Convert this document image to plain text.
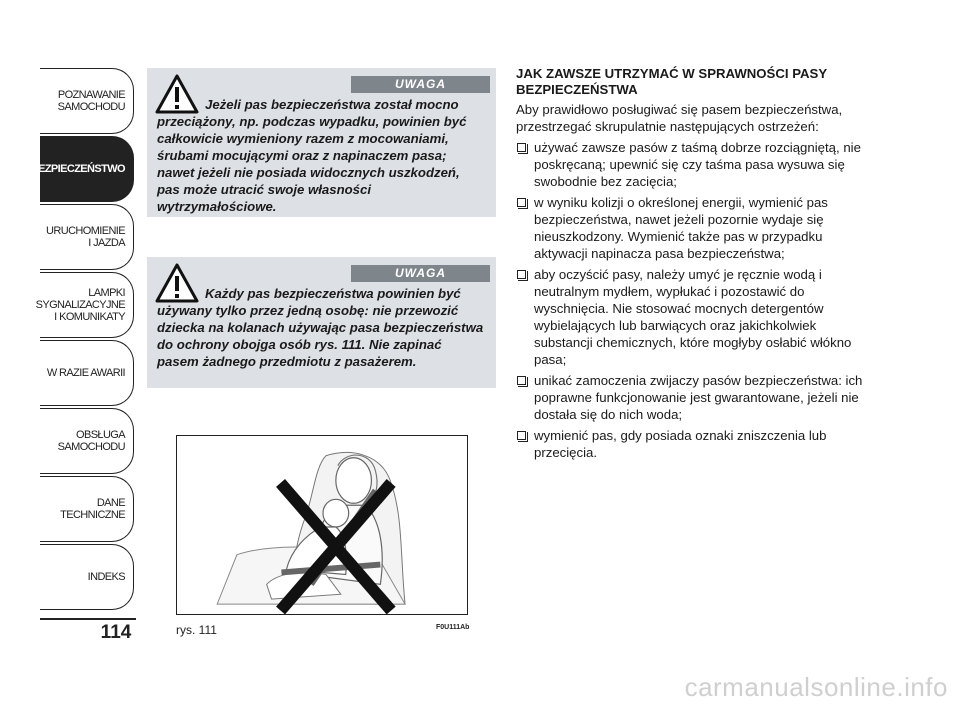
POZNAWANIE
SAMOCHODU
BEZPIECZEŃSTWO
URUCHOMIENIE
I JAZDA
LAMPKI
SYGNALIZACYJNE
I KOMUNIKATY
W RAZIE AWARII
OBSŁUGA
SAMOCHODU
DANE
TECHNICZNE
INDEKS
114
UWAGA

Jeżeli pas bezpieczeństwa został mocno przeciążony, np. podczas wypadku, powinien być całkowicie wymieniony razem z mocowaniami, śrubami mocującymi oraz z napinaczem pasa; nawet jeżeli nie posiada widocznych uszkodzeń, pas może utracić swoje własności wytrzymałościowe.

UWAGA

Każdy pas bezpieczeństwa powinien być używany tylko przez jedną osobę: nie przewozić dziecka na kolanach używając pasa bezpieczeństwa do ochrony obojga osób rys. 111. Nie zapinać pasem żadnego przedmiotu z pasażerem.

rys. 111	F0U111Ab
JAK ZAWSZE UTRZYMAĆ W SPRAWNOŚCI PASY BEZPIECZEŃSTWA

Aby prawidłowo posługiwać się pasem bezpieczeństwa, przestrzegać skrupulatnie następujących ostrzeżeń:

używać zawsze pasów z taśmą dobrze rozciągniętą, nie poskręcaną; upewnić się czy taśma pasa wysuwa się swobodnie bez zacięcia;
w wyniku kolizji o określonej energii, wymienić pas bezpieczeństwa, nawet jeżeli pozornie wydaje się nieuszkodzony. Wymienić także pas w przypadku aktywacji napinacza pasa bezpieczeństwa;
aby oczyścić pasy, należy umyć je ręcznie wodą i neutralnym mydłem, wypłukać i pozostawić do wyschnięcia. Nie stosować mocnych detergentów wybielających lub barwiących oraz jakichkolwiek substancji chemicznych, które mogłyby osłabić włókno pasa;
unikać zamoczenia zwijaczy pasów bezpieczeństwa: ich poprawne funkcjonowanie jest gwarantowane, jeżeli nie dostała się do nich woda;
wymienić pas, gdy posiada oznaki zniszczenia lub przecięcia.
carmanualsonline.info
